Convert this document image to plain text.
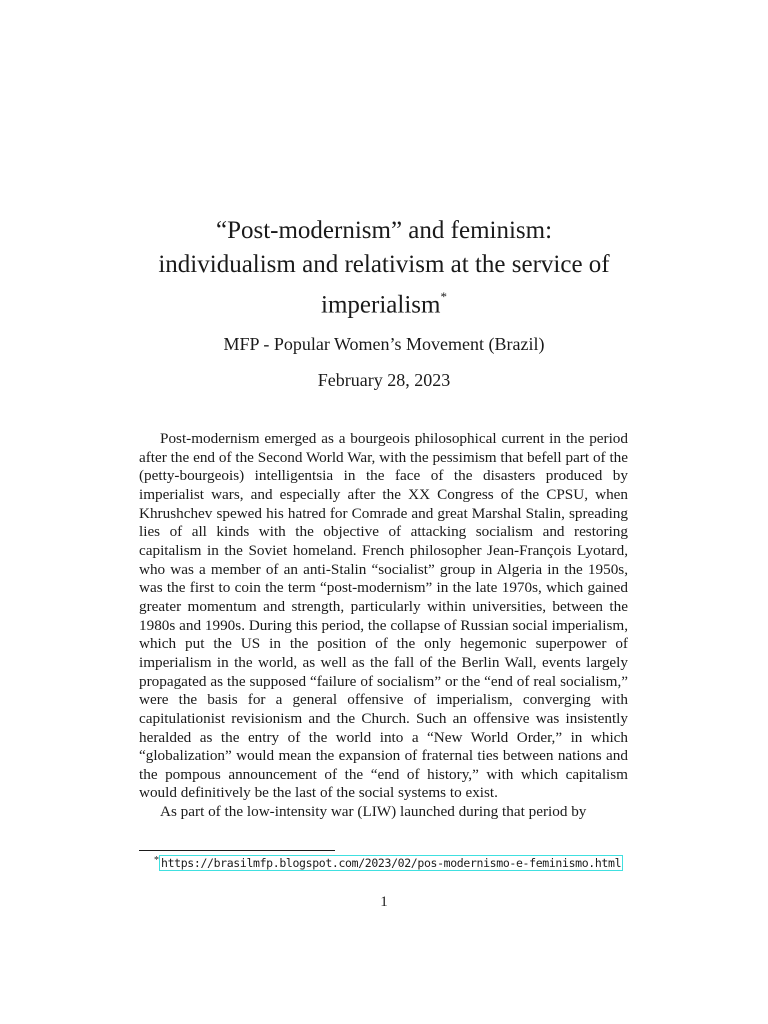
“Post-modernism” and feminism:
individualism and relativism at the service of
imperialism*
MFP - Popular Women’s Movement (Brazil)
February 28, 2023

Post-modernism emerged as a bourgeois philosophical current in the period after the end of the Second World War, with the pessimism that befell part of the (petty-bourgeois) intelligentsia in the face of the disasters produced by imperialist wars, and especially after the XX Congress of the CPSU, when Khrushchev spewed his hatred for Comrade and great Marshal Stalin, spreading lies of all kinds with the objective of attacking socialism and restoring capitalism in the Soviet homeland. French philosopher Jean-François Lyotard, who was a member of an anti-Stalin “socialist” group in Algeria in the 1950s, was the first to coin the term “post-modernism” in the late 1970s, which gained greater momentum and strength, particularly within universities, between the 1980s and 1990s. During this period, the collapse of Russian social imperialism, which put the US in the position of the only hegemonic superpower of imperialism in the world, as well as the fall of the Berlin Wall, events largely propagated as the supposed “failure of socialism” or the “end of real socialism,” were the basis for a general offensive of imperialism, converging with capitulationist revisionism and the Church. Such an offensive was insistently heralded as the entry of the world into a “New World Order,” in which “globalization” would mean the expansion of fraternal ties between nations and the pompous announcement of the “end of history,” with which capitalism would definitively be the last of the social systems to exist.

As part of the low-intensity war (LIW) launched during that period by

* https://brasilmfp.blogspot.com/2023/02/pos-modernismo-e-feminismo.html
1
